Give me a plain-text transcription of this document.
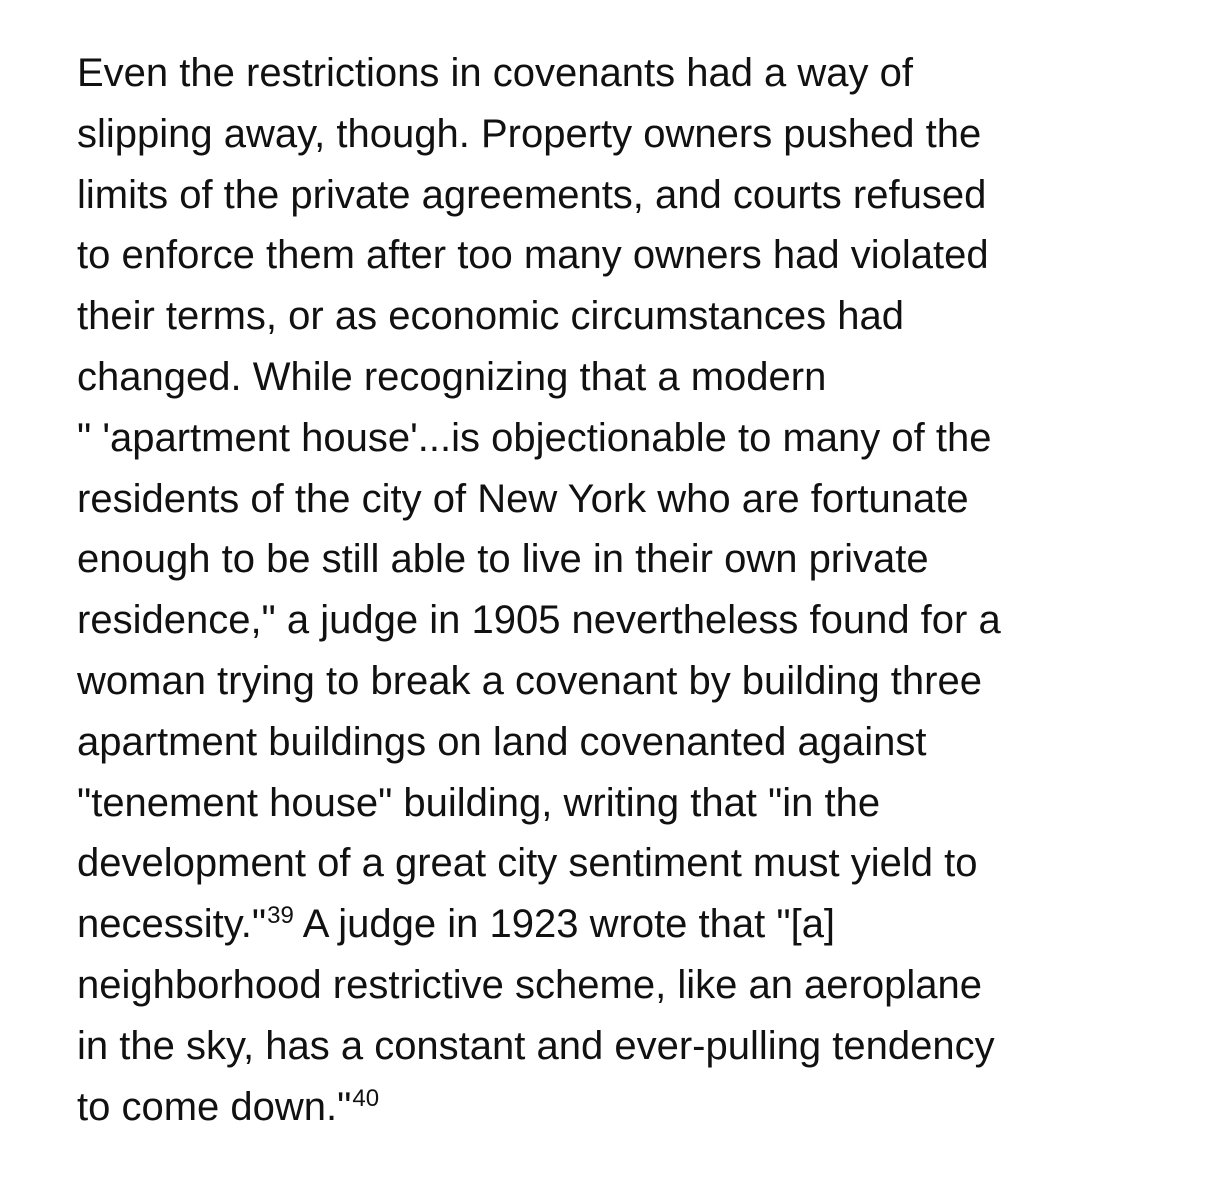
Even the restrictions in covenants had a way of
slipping away, though. Property owners pushed the
limits of the private agreements, and courts refused
to enforce them after too many owners had violated
their terms, or as economic circumstances had
changed. While recognizing that a modern
" 'apartment house'...is objectionable to many of the
residents of the city of New York who are fortunate
enough to be still able to live in their own private
residence," a judge in 1905 nevertheless found for a
woman trying to break a covenant by building three
apartment buildings on land covenanted against
"tenement house" building, writing that "in the
development of a great city sentiment must yield to
necessity."$^{39}$ A judge in 1923 wrote that "[a]
neighborhood restrictive scheme, like an aeroplane
in the sky, has a constant and ever-pulling tendency
to come down."$^{40}$
